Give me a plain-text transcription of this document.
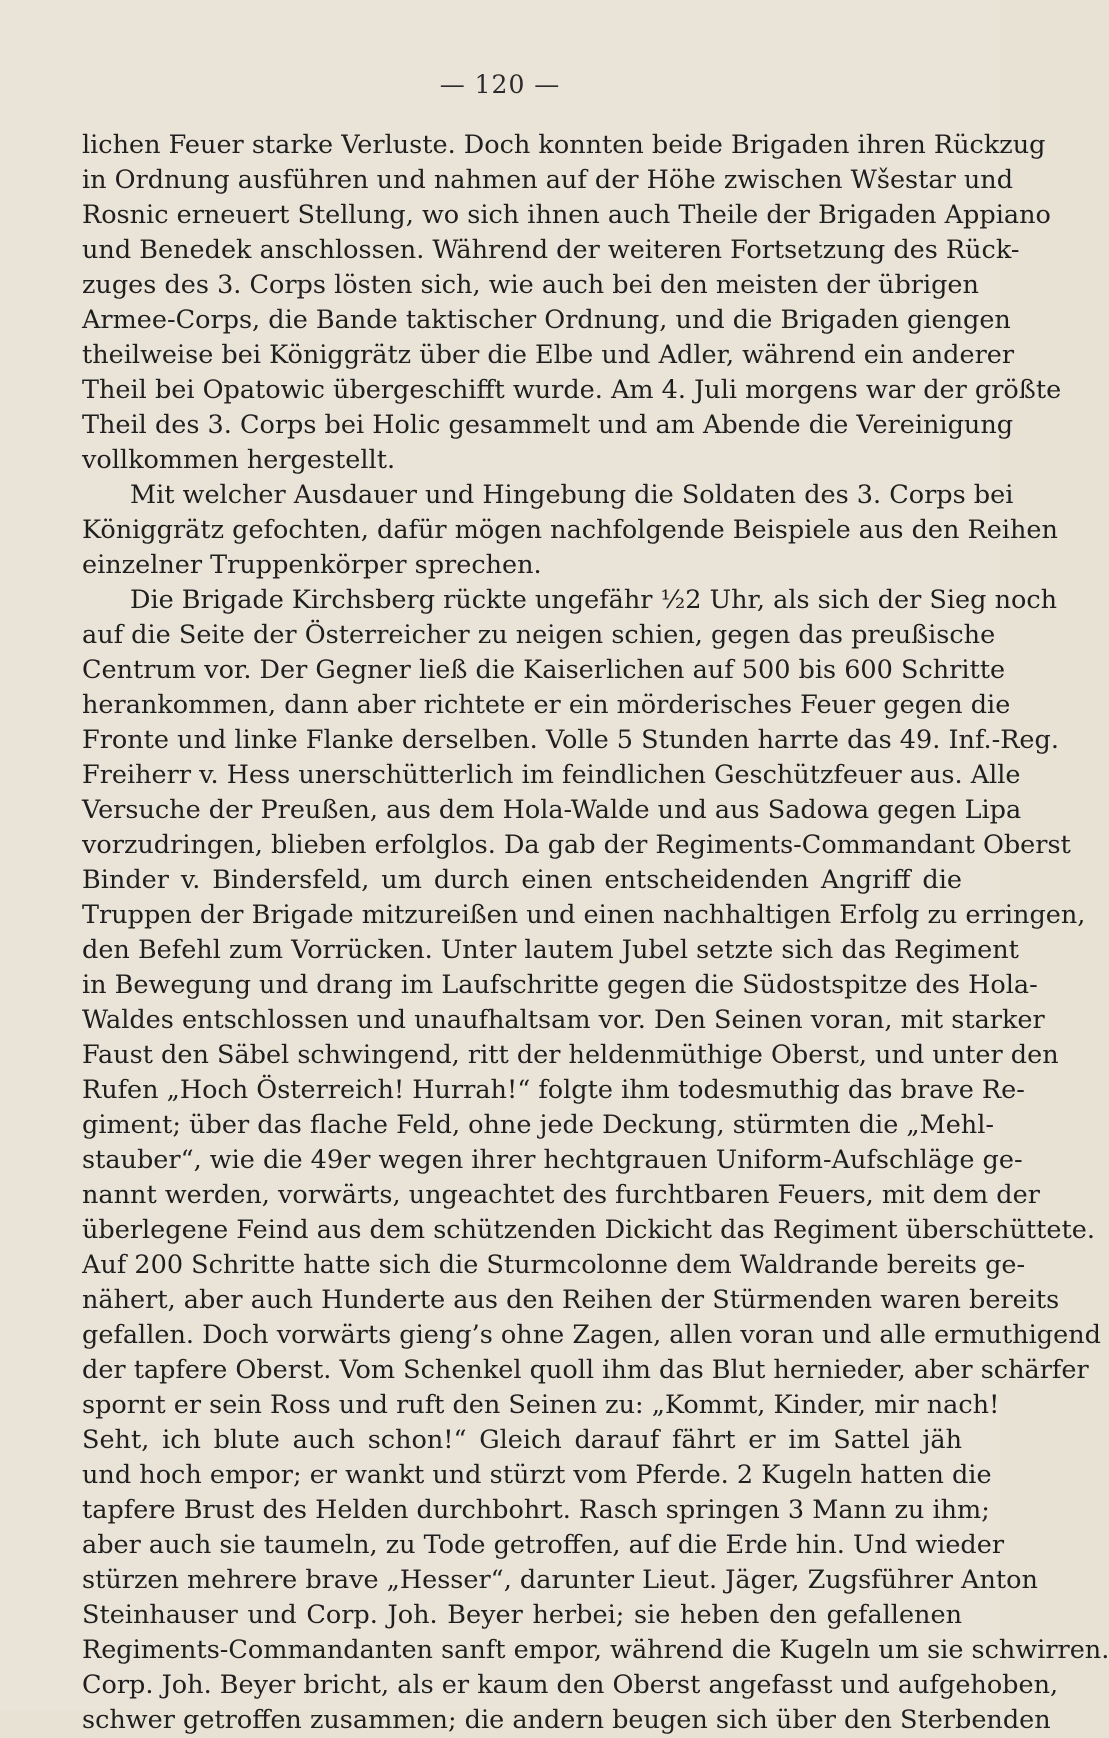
— 120 —
lichen Feuer starke Verluste. Doch konnten beide Brigaden ihren Rückzug
in Ordnung ausführen und nahmen auf der Höhe zwischen Wšestar und
Rosnic erneuert Stellung, wo sich ihnen auch Theile der Brigaden Appiano
und Benedek anschlossen. Während der weiteren Fortsetzung des Rück-
zuges des 3. Corps lösten sich, wie auch bei den meisten der übrigen
Armee-Corps, die Bande taktischer Ordnung, und die Brigaden giengen
theilweise bei Königgrätz über die Elbe und Adler, während ein anderer
Theil bei Opatowic übergeschifft wurde. Am 4. Juli morgens war der größte
Theil des 3. Corps bei Holic gesammelt und am Abende die Vereinigung
vollkommen hergestellt.
Mit welcher Ausdauer und Hingebung die Soldaten des 3. Corps bei
Königgrätz gefochten, dafür mögen nachfolgende Beispiele aus den Reihen
einzelner Truppenkörper sprechen.
Die Brigade Kirchsberg rückte ungefähr ½2 Uhr, als sich der Sieg noch
auf die Seite der Österreicher zu neigen schien, gegen das preußische
Centrum vor. Der Gegner ließ die Kaiserlichen auf 500 bis 600 Schritte
herankommen, dann aber richtete er ein mörderisches Feuer gegen die
Fronte und linke Flanke derselben. Volle 5 Stunden harrte das 49. Inf.-Reg.
Freiherr v. Hess unerschütterlich im feindlichen Geschützfeuer aus. Alle
Versuche der Preußen, aus dem Hola-Walde und aus Sadowa gegen Lipa
vorzudringen, blieben erfolglos. Da gab der Regiments-Commandant Oberst
Binder v. Bindersfeld, um durch einen entscheidenden Angriff die
Truppen der Brigade mitzureißen und einen nachhaltigen Erfolg zu erringen,
den Befehl zum Vorrücken. Unter lautem Jubel setzte sich das Regiment
in Bewegung und drang im Laufschritte gegen die Südostspitze des Hola-
Waldes entschlossen und unaufhaltsam vor. Den Seinen voran, mit starker
Faust den Säbel schwingend, ritt der heldenmüthige Oberst, und unter den
Rufen „Hoch Österreich! Hurrah!“ folgte ihm todesmuthig das brave Re-
giment; über das flache Feld, ohne jede Deckung, stürmten die „Mehl-
stauber“, wie die 49er wegen ihrer hechtgrauen Uniform-Aufschläge ge-
nannt werden, vorwärts, ungeachtet des furchtbaren Feuers, mit dem der
überlegene Feind aus dem schützenden Dickicht das Regiment überschüttete.
Auf 200 Schritte hatte sich die Sturmcolonne dem Waldrande bereits ge-
nähert, aber auch Hunderte aus den Reihen der Stürmenden waren bereits
gefallen. Doch vorwärts gieng’s ohne Zagen, allen voran und alle ermuthigend
der tapfere Oberst. Vom Schenkel quoll ihm das Blut hernieder, aber schärfer
spornt er sein Ross und ruft den Seinen zu: „Kommt, Kinder, mir nach!
Seht, ich blute auch schon!“ Gleich darauf fährt er im Sattel jäh
und hoch empor; er wankt und stürzt vom Pferde. 2 Kugeln hatten die
tapfere Brust des Helden durchbohrt. Rasch springen 3 Mann zu ihm;
aber auch sie taumeln, zu Tode getroffen, auf die Erde hin. Und wieder
stürzen mehrere brave „Hesser“, darunter Lieut. Jäger, Zugsführer Anton
Steinhauser und Corp. Joh. Beyer herbei; sie heben den gefallenen
Regiments-Commandanten sanft empor, während die Kugeln um sie schwirren.
Corp. Joh. Beyer bricht, als er kaum den Oberst angefasst und aufgehoben,
schwer getroffen zusammen; die andern beugen sich über den Sterbenden
